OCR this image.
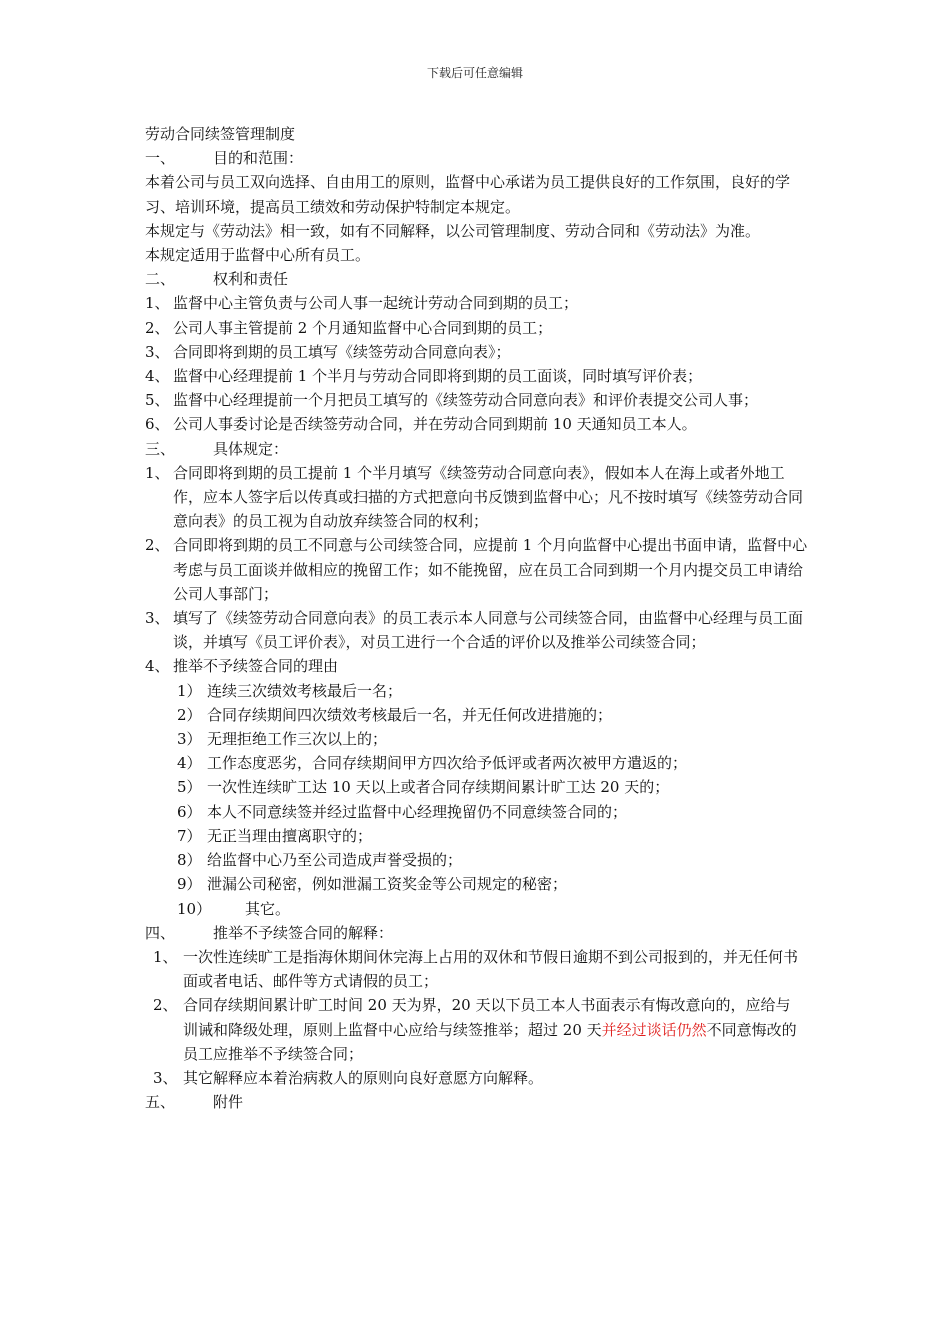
下载后可任意编辑

劳动合同续签管理制度

一、	目的和范围：

本着公司与员工双向选择、自由用工的原则，监督中心承诺为员工提供良好的工作氛围，良好的学习、培训环境，提高员工绩效和劳动保护特制定本规定。

本规定与《劳动法》相一致，如有不同解释，以公司管理制度、劳动合同和《劳动法》为准。

本规定适用于监督中心所有员工。

二、	权利和责任
1、 监督中心主管负责与公司人事一起统计劳动合同到期的员工；
2、 公司人事主管提前 2 个月通知监督中心合同到期的员工；
3、 合同即将到期的员工填写《续签劳动合同意向表》；
4、 监督中心经理提前 1 个半月与劳动合同即将到期的员工面谈，同时填写评价表；
5、 监督中心经理提前一个月把员工填写的《续签劳动合同意向表》和评价表提交公司人事；
6、 公司人事委讨论是否续签劳动合同，并在劳动合同到期前 10 天通知员工本人。
三、	具体规定：
1、 合同即将到期的员工提前 1 个半月填写《续签劳动合同意向表》，假如本人在海上或者外地工作，应本人签字后以传真或扫描的方式把意向书反馈到监督中心；凡不按时填写《续签劳动合同意向表》的员工视为自动放弃续签合同的权利；
2、 合同即将到期的员工不同意与公司续签合同，应提前 1 个月向监督中心提出书面申请，监督中心考虑与员工面谈并做相应的挽留工作；如不能挽留，应在员工合同到期一个月内提交员工申请给公司人事部门；
3、 填写了《续签劳动合同意向表》的员工表示本人同意与公司续签合同，由监督中心经理与员工面谈，并填写《员工评价表》，对员工进行一个合适的评价以及推举公司续签合同；
4、 推举不予续签合同的理由
1） 连续三次绩效考核最后一名；
2） 合同存续期间四次绩效考核最后一名，并无任何改进措施的；
3） 无理拒绝工作三次以上的；
4） 工作态度恶劣，合同存续期间甲方四次给予低评或者两次被甲方遣返的；
5） 一次性连续旷工达 10 天以上或者合同存续期间累计旷工达 20 天的；
6） 本人不同意续签并经过监督中心经理挽留仍不同意续签合同的；
7） 无正当理由擅离职守的；
8） 给监督中心乃至公司造成声誉受损的；
9） 泄漏公司秘密，例如泄漏工资奖金等公司规定的秘密；
10）	其它。
四、	推举不予续签合同的解释：
1、 一次性连续旷工是指海休期间休完海上占用的双休和节假日逾期不到公司报到的，并无任何书面或者电话、邮件等方式请假的员工；
2、 合同存续期间累计旷工时间 20 天为界，20 天以下员工本人书面表示有悔改意向的，应给与训诫和降级处理，原则上监督中心应给与续签推举；超过 20 天并经过谈话仍然不同意悔改的员工应推举不予续签合同；
3、 其它解释应本着治病救人的原则向良好意愿方向解释。
五、	附件
